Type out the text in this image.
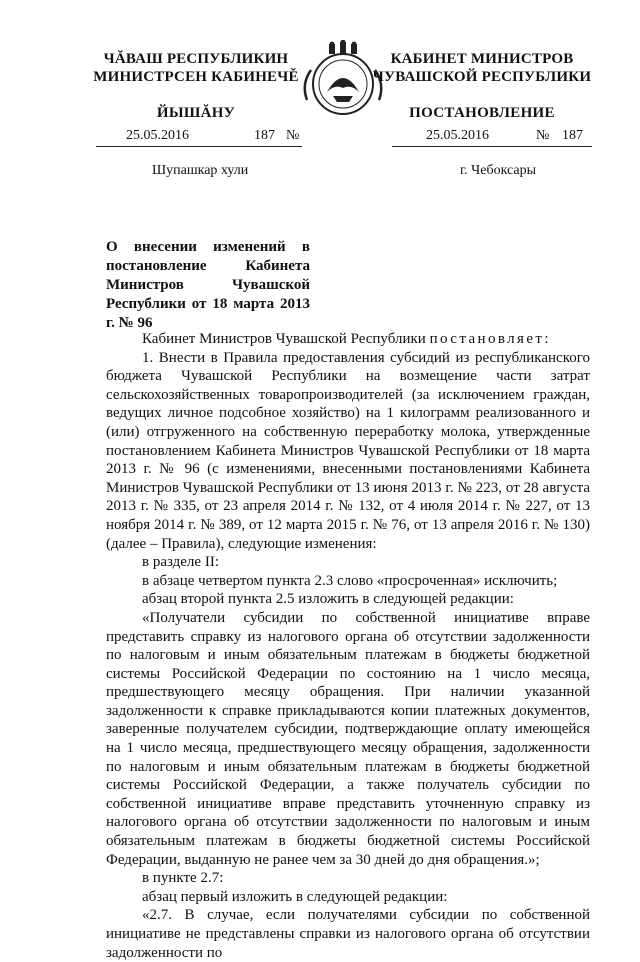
ЧĂВАШ РЕСПУБЛИКИН
МИНИСТРСЕН КАБИНЕЧĚ
ЙЫШĂНУ
КАБИНЕТ МИНИСТРОВ
ЧУВАШСКОЙ РЕСПУБЛИКИ
ПОСТАНОВЛЕНИЕ
25.05.2016	187 №	25.05.2016	№ 187
Шупашкар хули	г. Чебоксары
О внесении изменений в постановление Кабинета Министров Чувашской Республики от 18 марта 2013 г. № 96

Кабинет Министров Чувашской Республики постановляет:

1. Внести в Правила предоставления субсидий из республиканского бюджета Чувашской Республики на возмещение части затрат сельскохозяйственных товаропроизводителей (за исключением граждан, ведущих личное подсобное хозяйство) на 1 килограмм реализованного и (или) отгруженного на собственную переработку молока, утвержденные постановлением Кабинета Министров Чувашской Республики от 18 марта 2013 г. № 96 (с изменениями, внесенными постановлениями Кабинета Министров Чувашской Республики от 13 июня 2013 г. № 223, от 28 августа 2013 г. № 335, от 23 апреля 2014 г. № 132, от 4 июля 2014 г. № 227, от 13 ноября 2014 г. № 389, от 12 марта 2015 г. № 76, от 13 апреля 2016 г. № 130) (далее – Правила), следующие изменения:

в разделе II:

в абзаце четвертом пункта 2.3 слово «просроченная» исключить;

абзац второй пункта 2.5 изложить в следующей редакции:

«Получатели субсидии по собственной инициативе вправе представить справку из налогового органа об отсутствии задолженности по налоговым и иным обязательным платежам в бюджеты бюджетной системы Российской Федерации по состоянию на 1 число месяца, предшествующего месяцу обращения. При наличии указанной задолженности к справке прикладываются копии платежных документов, заверенные получателем субсидии, подтверждающие оплату имеющейся на 1 число месяца, предшествующего месяцу обращения, задолженности по налоговым и иным обязательным платежам в бюджеты бюджетной системы Российской Федерации, а также получатель субсидии по собственной инициативе вправе представить уточненную справку из налогового органа об отсутствии задолженности по налоговым и иным обязательным платежам в бюджеты бюджетной системы Российской Федерации, выданную не ранее чем за 30 дней до дня обращения.»;

в пункте 2.7:

абзац первый изложить в следующей редакции:

«2.7. В случае, если получателями субсидии по собственной инициативе не представлены справки из налогового органа об отсутствии задолженности по
